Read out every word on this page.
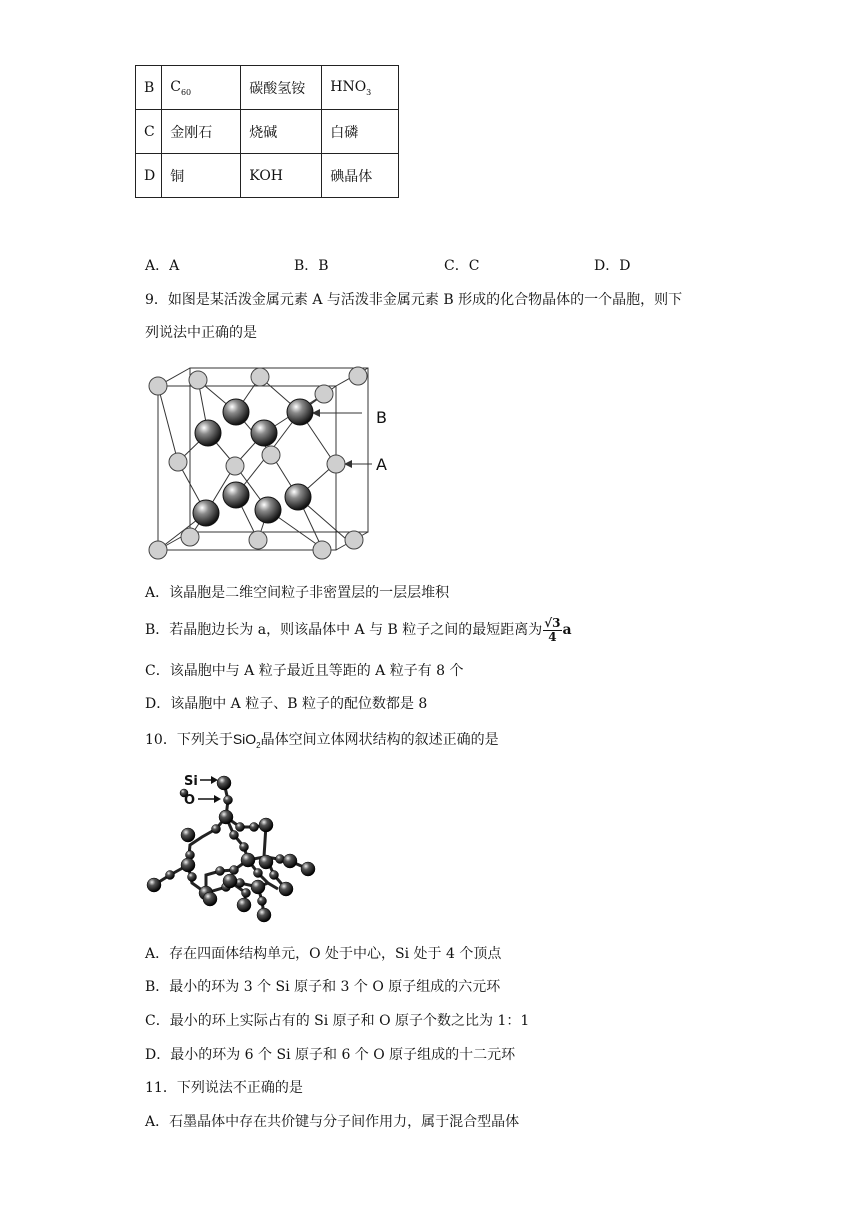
B	$C_{60}$	碳酸氢铵	$HNO_3$
C	金刚石	烧碱	白磷
D	铜	KOH	碘晶体
A．A	B．B	C．C	D．D
9．如图是某活泼金属元素 A 与活泼非金属元素 B 形成的化合物晶体的一个晶胞，则下
列说法中正确的是
B
A
A．该晶胞是二维空间粒子非密置层的一层层堆积
B．若晶胞边长为 a，则该晶体中 A 与 B 粒子之间的最短距离为 $\frac{√3}{4}$ a
C．该晶胞中与 A 粒子最近且等距的 A 粒子有 8 个
D．该晶胞中 A 粒子、B 粒子的配位数都是 8
10．下列关于SiO$_2$晶体空间立体网状结构的叙述正确的是
Si
O
A．存在四面体结构单元，O 处于中心，Si 处于 4 个顶点
B．最小的环为 3 个 Si 原子和 3 个 O 原子组成的六元环
C．最小的环上实际占有的 Si 原子和 O 原子个数之比为 1：1
D．最小的环为 6 个 Si 原子和 6 个 O 原子组成的十二元环
11．下列说法不正确的是
A．石墨晶体中存在共价键与分子间作用力，属于混合型晶体
